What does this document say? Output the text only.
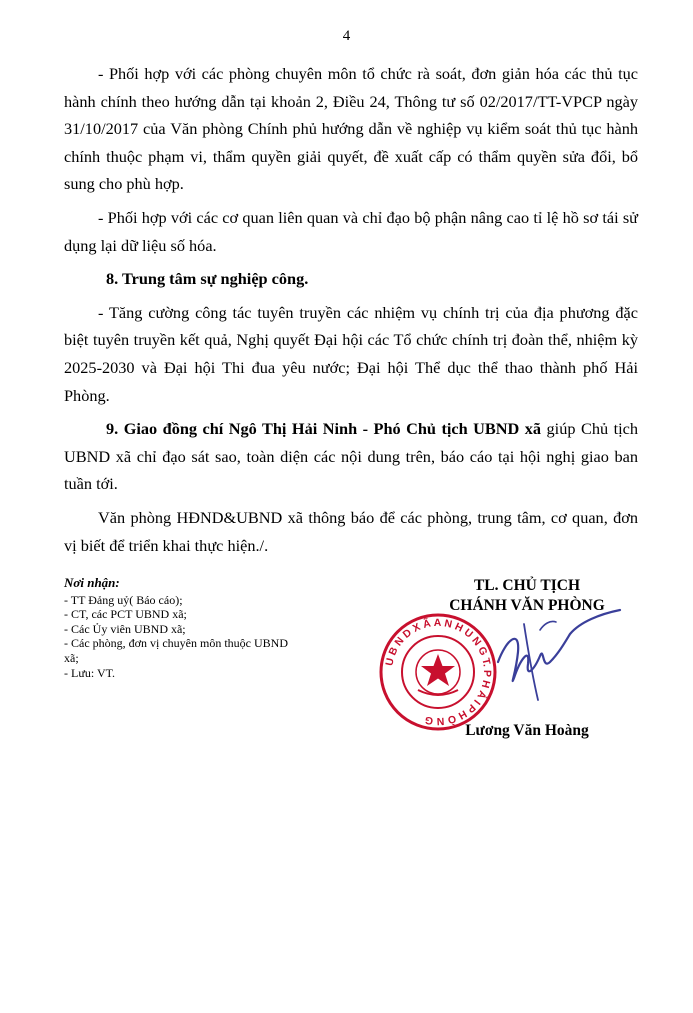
4

- Phối hợp với các phòng chuyên môn tổ chức rà soát, đơn giản hóa các thủ tục hành chính theo hướng dẫn tại khoản 2, Điều 24, Thông tư số 02/2017/TT-VPCP ngày 31/10/2017 của Văn phòng Chính phủ hướng dẫn về nghiệp vụ kiểm soát thủ tục hành chính thuộc phạm vi, thẩm quyền giải quyết, đề xuất cấp có thẩm quyền sửa đổi, bổ sung cho phù hợp.

- Phối hợp với các cơ quan liên quan và chỉ đạo bộ phận nâng cao tỉ lệ hồ sơ tái sử dụng lại dữ liệu số hóa.

8. Trung tâm sự nghiệp công.

- Tăng cường công tác tuyên truyền các nhiệm vụ chính trị của địa phương đặc biệt tuyên truyền kết quả, Nghị quyết Đại hội các Tổ chức chính trị đoàn thể, nhiệm kỳ 2025-2030 và Đại hội Thi đua yêu nước; Đại hội Thể dục thể thao thành phố Hải Phòng.

9. Giao đồng chí Ngô Thị Hải Ninh - Phó Chủ tịch UBND xã giúp Chủ tịch UBND xã chỉ đạo sát sao, toàn diện các nội dung trên, báo cáo tại hội nghị giao ban tuần tới.

Văn phòng HĐND&UBND xã thông báo để các phòng, trung tâm, cơ quan, đơn vị biết để triển khai thực hiện./.

Nơi nhận:
- TT Đảng uỷ( Báo cáo);
- CT, các PCT UBND xã;
- Các Ủy viên UBND xã;
- Các phòng, đơn vị chuyên môn thuộc UBND xã;
- Lưu: VT.
TL. CHỦ TỊCH
CHÁNH VĂN PHÒNG
U B N D X Ã A N H U N G T. P H Ả I P H Ò N G
Lương Văn Hoàng
